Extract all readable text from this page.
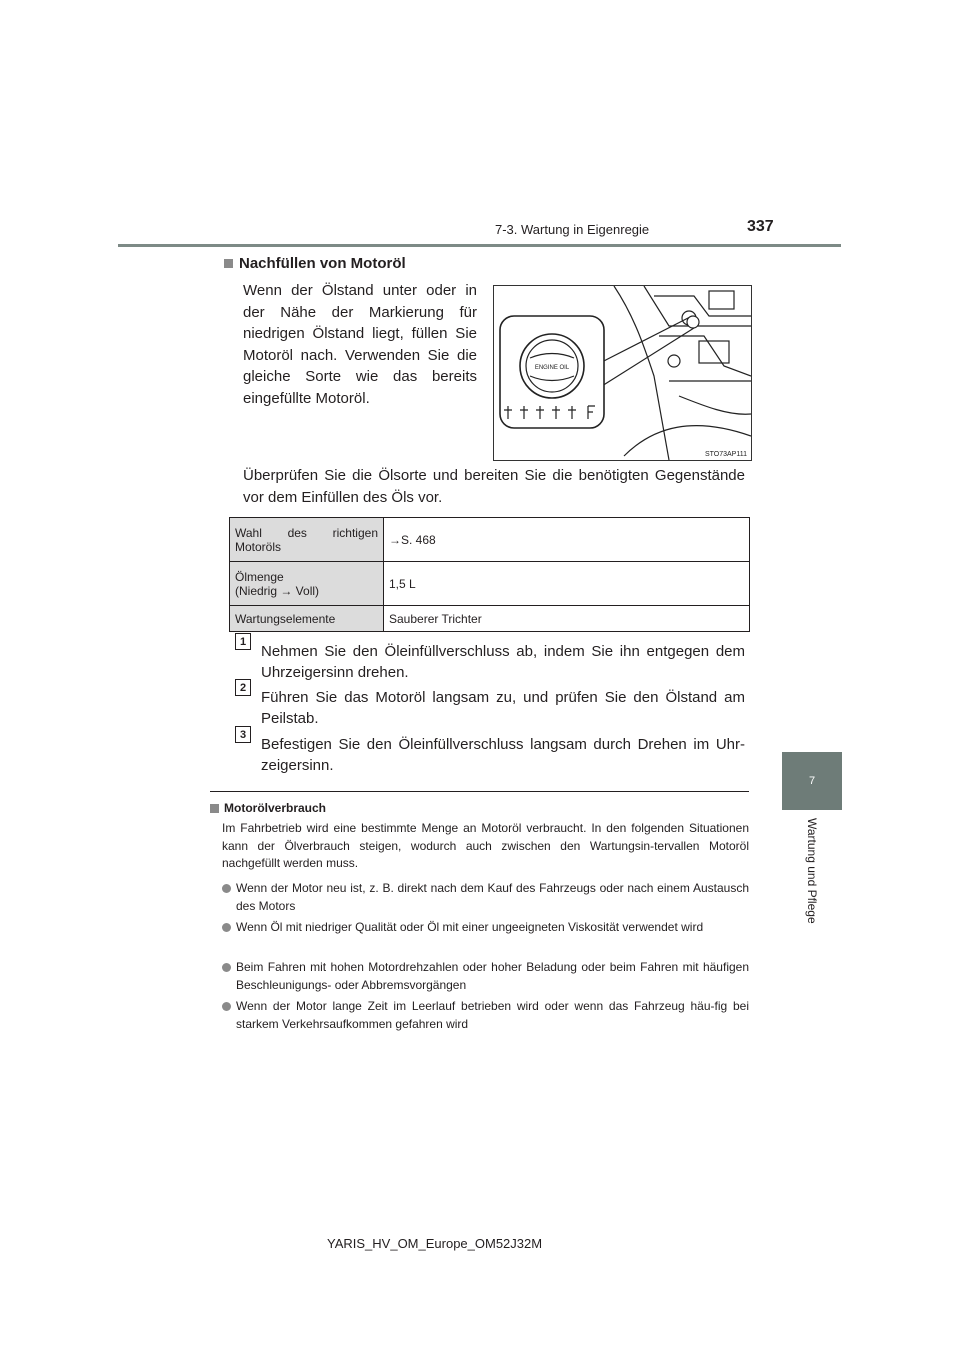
7-3. Wartung in Eigenregie	337
7
Wartung und Pflege
Nachfüllen von Motoröl
Wenn der Ölstand unter oder in der Nähe der Markierung für niedrigen Ölstand liegt, füllen Sie Motoröl nach. Verwenden Sie die gleiche Sorte wie das bereits eingefüllte Motoröl.
ENGINE OIL
STO73AP111
Überprüfen Sie die Ölsorte und bereiten Sie die benötigten Gegenstände vor dem Einfüllen des Öls vor.
Wahl des richtigen Motoröls	→S. 468
Ölmenge
(Niedrig → Voll)	1,5 L
Wartungselemente	Sauberer Trichter
1
Nehmen Sie den Öleinfüllverschluss ab, indem Sie ihn entgegen dem Uhrzeigersinn drehen.
2
Führen Sie das Motoröl langsam zu, und prüfen Sie den Ölstand am Peilstab.
3
Befestigen Sie den Öleinfüllverschluss langsam durch Drehen im Uhr-zeigersinn.
Motorölverbrauch
Im Fahrbetrieb wird eine bestimmte Menge an Motoröl verbraucht. In den folgenden Situationen kann der Ölverbrauch steigen, wodurch auch zwischen den Wartungsin-tervallen Motoröl nachgefüllt werden muss.
Wenn der Motor neu ist, z. B. direkt nach dem Kauf des Fahrzeugs oder nach einem Austausch des Motors
Wenn Öl mit niedriger Qualität oder Öl mit einer ungeeigneten Viskosität verwendet wird
Beim Fahren mit hohen Motordrehzahlen oder hoher Beladung oder beim Fahren mit häufigen Beschleunigungs- oder Abbremsvorgängen
Wenn der Motor lange Zeit im Leerlauf betrieben wird oder wenn das Fahrzeug häu-fig bei starkem Verkehrsaufkommen gefahren wird
YARIS_HV_OM_Europe_OM52J32M
